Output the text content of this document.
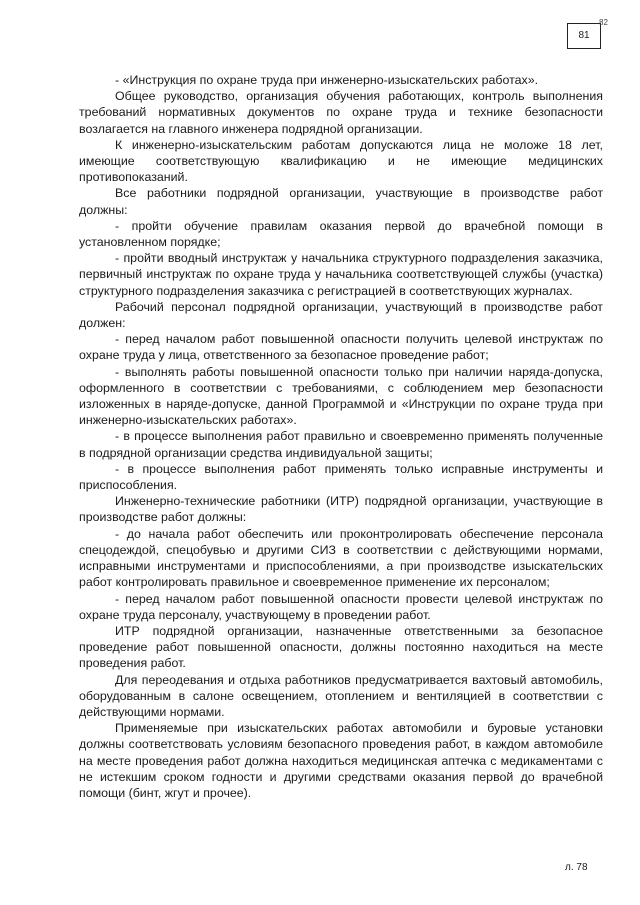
81
82

- «Инструкция по охране труда при инженерно-изыскательских работах».

Общее руководство, организация обучения работающих, контроль выполнения требований нормативных документов по охране труда и технике безопасности возлагается на главного инженера подрядной организации.

К инженерно-изыскательским работам допускаются лица не моложе 18 лет, имеющие соответствующую квалификацию и не имеющие медицинских противопоказаний.

Все работники подрядной организации, участвующие в производстве работ должны:

- пройти обучение правилам оказания первой до врачебной помощи в установленном порядке;

- пройти вводный инструктаж у начальника структурного подразделения заказчика, первичный инструктаж по охране труда у начальника соответствующей службы (участка) структурного подразделения заказчика с регистрацией в соответствующих журналах.

Рабочий персонал подрядной организации, участвующий в производстве работ должен:

- перед началом работ повышенной опасности получить целевой инструктаж по охране труда у лица, ответственного за безопасное проведение работ;

- выполнять работы повышенной опасности только при наличии наряда-допуска, оформленного в соответствии с требованиями, с соблюдением мер безопасности изложенных в наряде-допуске, данной Программой и «Инструкции по охране труда при инженерно-изыскательских работах».

- в процессе выполнения работ правильно и своевременно применять полученные в подрядной организации средства индивидуальной защиты;

- в процессе выполнения работ применять только исправные инструменты и приспособления.

Инженерно-технические работники (ИТР) подрядной организации, участвующие в производстве работ должны:

- до начала работ обеспечить или проконтролировать обеспечение персонала спецодеждой, спецобувью и другими СИЗ в соответствии с действующими нормами, исправными инструментами и приспособлениями, а при производстве изыскательских работ контролировать правильное и своевременное применение их персоналом;

- перед началом работ повышенной опасности провести целевой инструктаж по охране труда персоналу, участвующему в проведении работ.

ИТР подрядной организации, назначенные ответственными за безопасное проведение работ повышенной опасности, должны постоянно находиться на месте проведения работ.

Для переодевания и отдыха работников предусматривается вахтовый автомобиль, оборудованным в салоне освещением, отоплением и вентиляцией в соответствии с действующими нормами.

Применяемые при изыскательских работах автомобили и буровые установки должны соответствовать условиям безопасного проведения работ, в каждом автомобиле на месте проведения работ должна находиться медицинская аптечка с медикаментами с не истекшим сроком годности и другими средствами оказания первой до врачебной помощи (бинт, жгут и прочее).

л. 78
